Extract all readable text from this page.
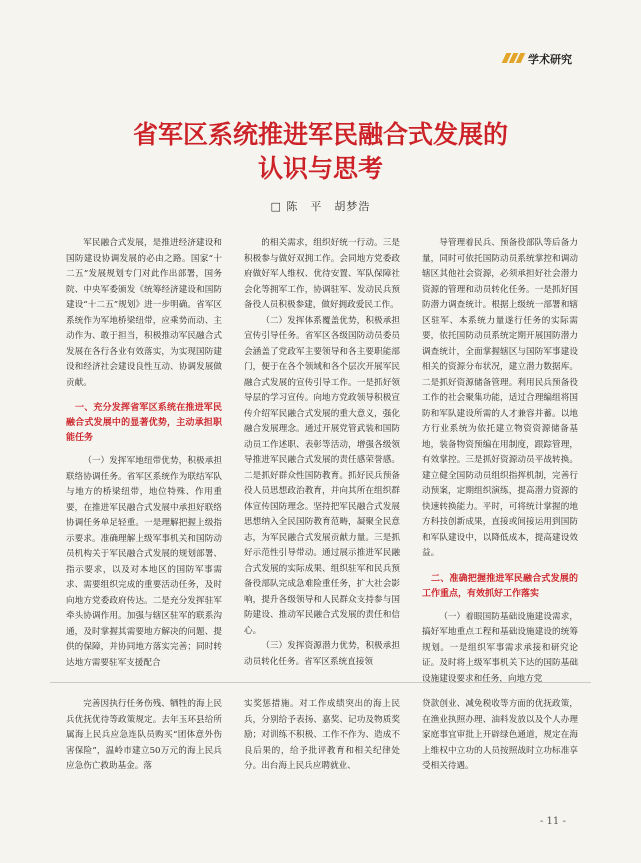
学术研究
省军区系统推进军民融合式发展的
认识与思考
□ 陈　平　胡梦浩

军民融合式发展，是推进经济建设和国防建设协调发展的必由之路。国家“十二五”发展规划专门对此作出部署，国务院、中央军委颁发《统筹经济建设和国防建设“十二五”规划》进一步明确。省军区系统作为军地桥梁纽带，应乘势而动、主动作为、敢于担当，积极推动军民融合式发展在各行各业有效落实，为实现国防建设和经济社会建设良性互动、协调发展做贡献。

一、充分发挥省军区系统在推进军民融合式发展中的显著优势，主动承担职能任务

（一）发挥军地纽带优势，积极承担联络协调任务。省军区系统作为联结军队与地方的桥梁纽带，地位特殊、作用重要，在推进军民融合式发展中承担好联络协调任务单足轻重。一是理解把握上级指示要求。准确理解上级军事机关和国防动员机构关于军民融合式发展的规划部署、指示要求，以及对本地区的国防军事需求、需要组织完成的重要活动任务，及时向地方党委政府传达。二是充分发挥驻军牵头协调作用。加强与辖区驻军的联系沟通，及时掌握其需要地方解决的问题、提供的保障，并协同地方落实完善；同时转达地方需要驻军支援配合

的相关需求，组织好统一行动。三是积极参与做好双拥工作。会同地方党委政府做好军人维权、优待安置、军队保障社会化等拥军工作，协调驻军、发动民兵预备役人员积极参建，做好拥政爱民工作。

（二）发挥体系覆盖优势，积极承担宣传引导任务。省军区各级国防动员委员会涵盖了党政军主要领导和各主要职能部门，便于在各个领域和各个层次开展军民融合式发展的宣传引导工作。一是抓好领导层的学习宣传。向地方党政领导积极宣传介绍军民融合式发展的重大意义，强化融合发展理念。通过开展党管武装和国防动员工作述职、表彰等活动，增强各级领导推进军民融合式发展的责任感荣誉感。二是抓好群众性国防教育。抓好民兵预备役人员思想政治教育，并向其所在组织群体宣传国防理念。坚持把军民融合式发展思想纳入全民国防教育范畴，凝聚全民意志，为军民融合式发展贡献力量。三是抓好示范性引导带动。通过展示推进军民融合式发展的实际成果、组织驻军和民兵预备役部队完成急难险重任务，扩大社会影响，提升各级领导和人民群众支持参与国防建设、推动军民融合式发展的责任和信心。

（三）发挥资源潜力优势，积极承担动员转化任务。省军区系统直接领

导管理着民兵、预备役部队等后备力量，同时可依托国防动员系统掌控和调动辖区其他社会资源，必须承担好社会潜力资源的管理和动员转化任务。一是抓好国防潜力调查统计。根据上级统一部署和辖区驻军、本系统力量遂行任务的实际需要，依托国防动员系统定期开展国防潜力调查统计，全面掌握辖区与国防军事建设相关的资源分布状况，建立潜力数据库。二是抓好资源储备管理。利用民兵预备役工作的社会聚集功能，适过合理编组将国防和军队建设所需的人才兼容并蓄。以地方行业系统为依托建立物资资源储备基地，装备物资预编在用制度，跟踪管理，有效掌控。三是抓好资源动员平战转换。建立健全国防动员组织指挥机制，完善行动预案，定期组织演练，提高潜力资源的快速转换能力。平时，可将统计掌握的地方科技创新成果，直接或间接运用到国防和军队建设中，以降低成本，提高建设效益。

二、准确把握推进军民融合式发展的工作重点，有效抓好工作落实

（一）着眼国防基础设施建设需求，搞好军地重点工程和基础设施建设的统筹规划。一是组织军事需求承接和研究论证。及时将上级军事机关下达的国防基础设施建设要求和任务，向地方党

完善因执行任务伤残、牺牲的海上民兵优抚优待等政策规定。去年玉环县给所属海上民兵应急连队员购买“团体意外伤害保险”，温岭市建立50万元的海上民兵应急伤亡救助基金。落

实奖惩措施。对工作成绩突出的海上民兵，分别给予表扬、嘉奖、记功及物质奖励；对训练不积极、工作不作为、造成不良后果的，给予批评教育和相关纪律处分。出台海上民兵应聘就业、

贷款创业、减免税收等方面的优抚政策，在渔业执照办理、油料发放以及个人办理家庭事宜审批上开辟绿色通道，规定在海上维权中立功的人员按照战时立功标准享受相关待遇。

- 11 -
